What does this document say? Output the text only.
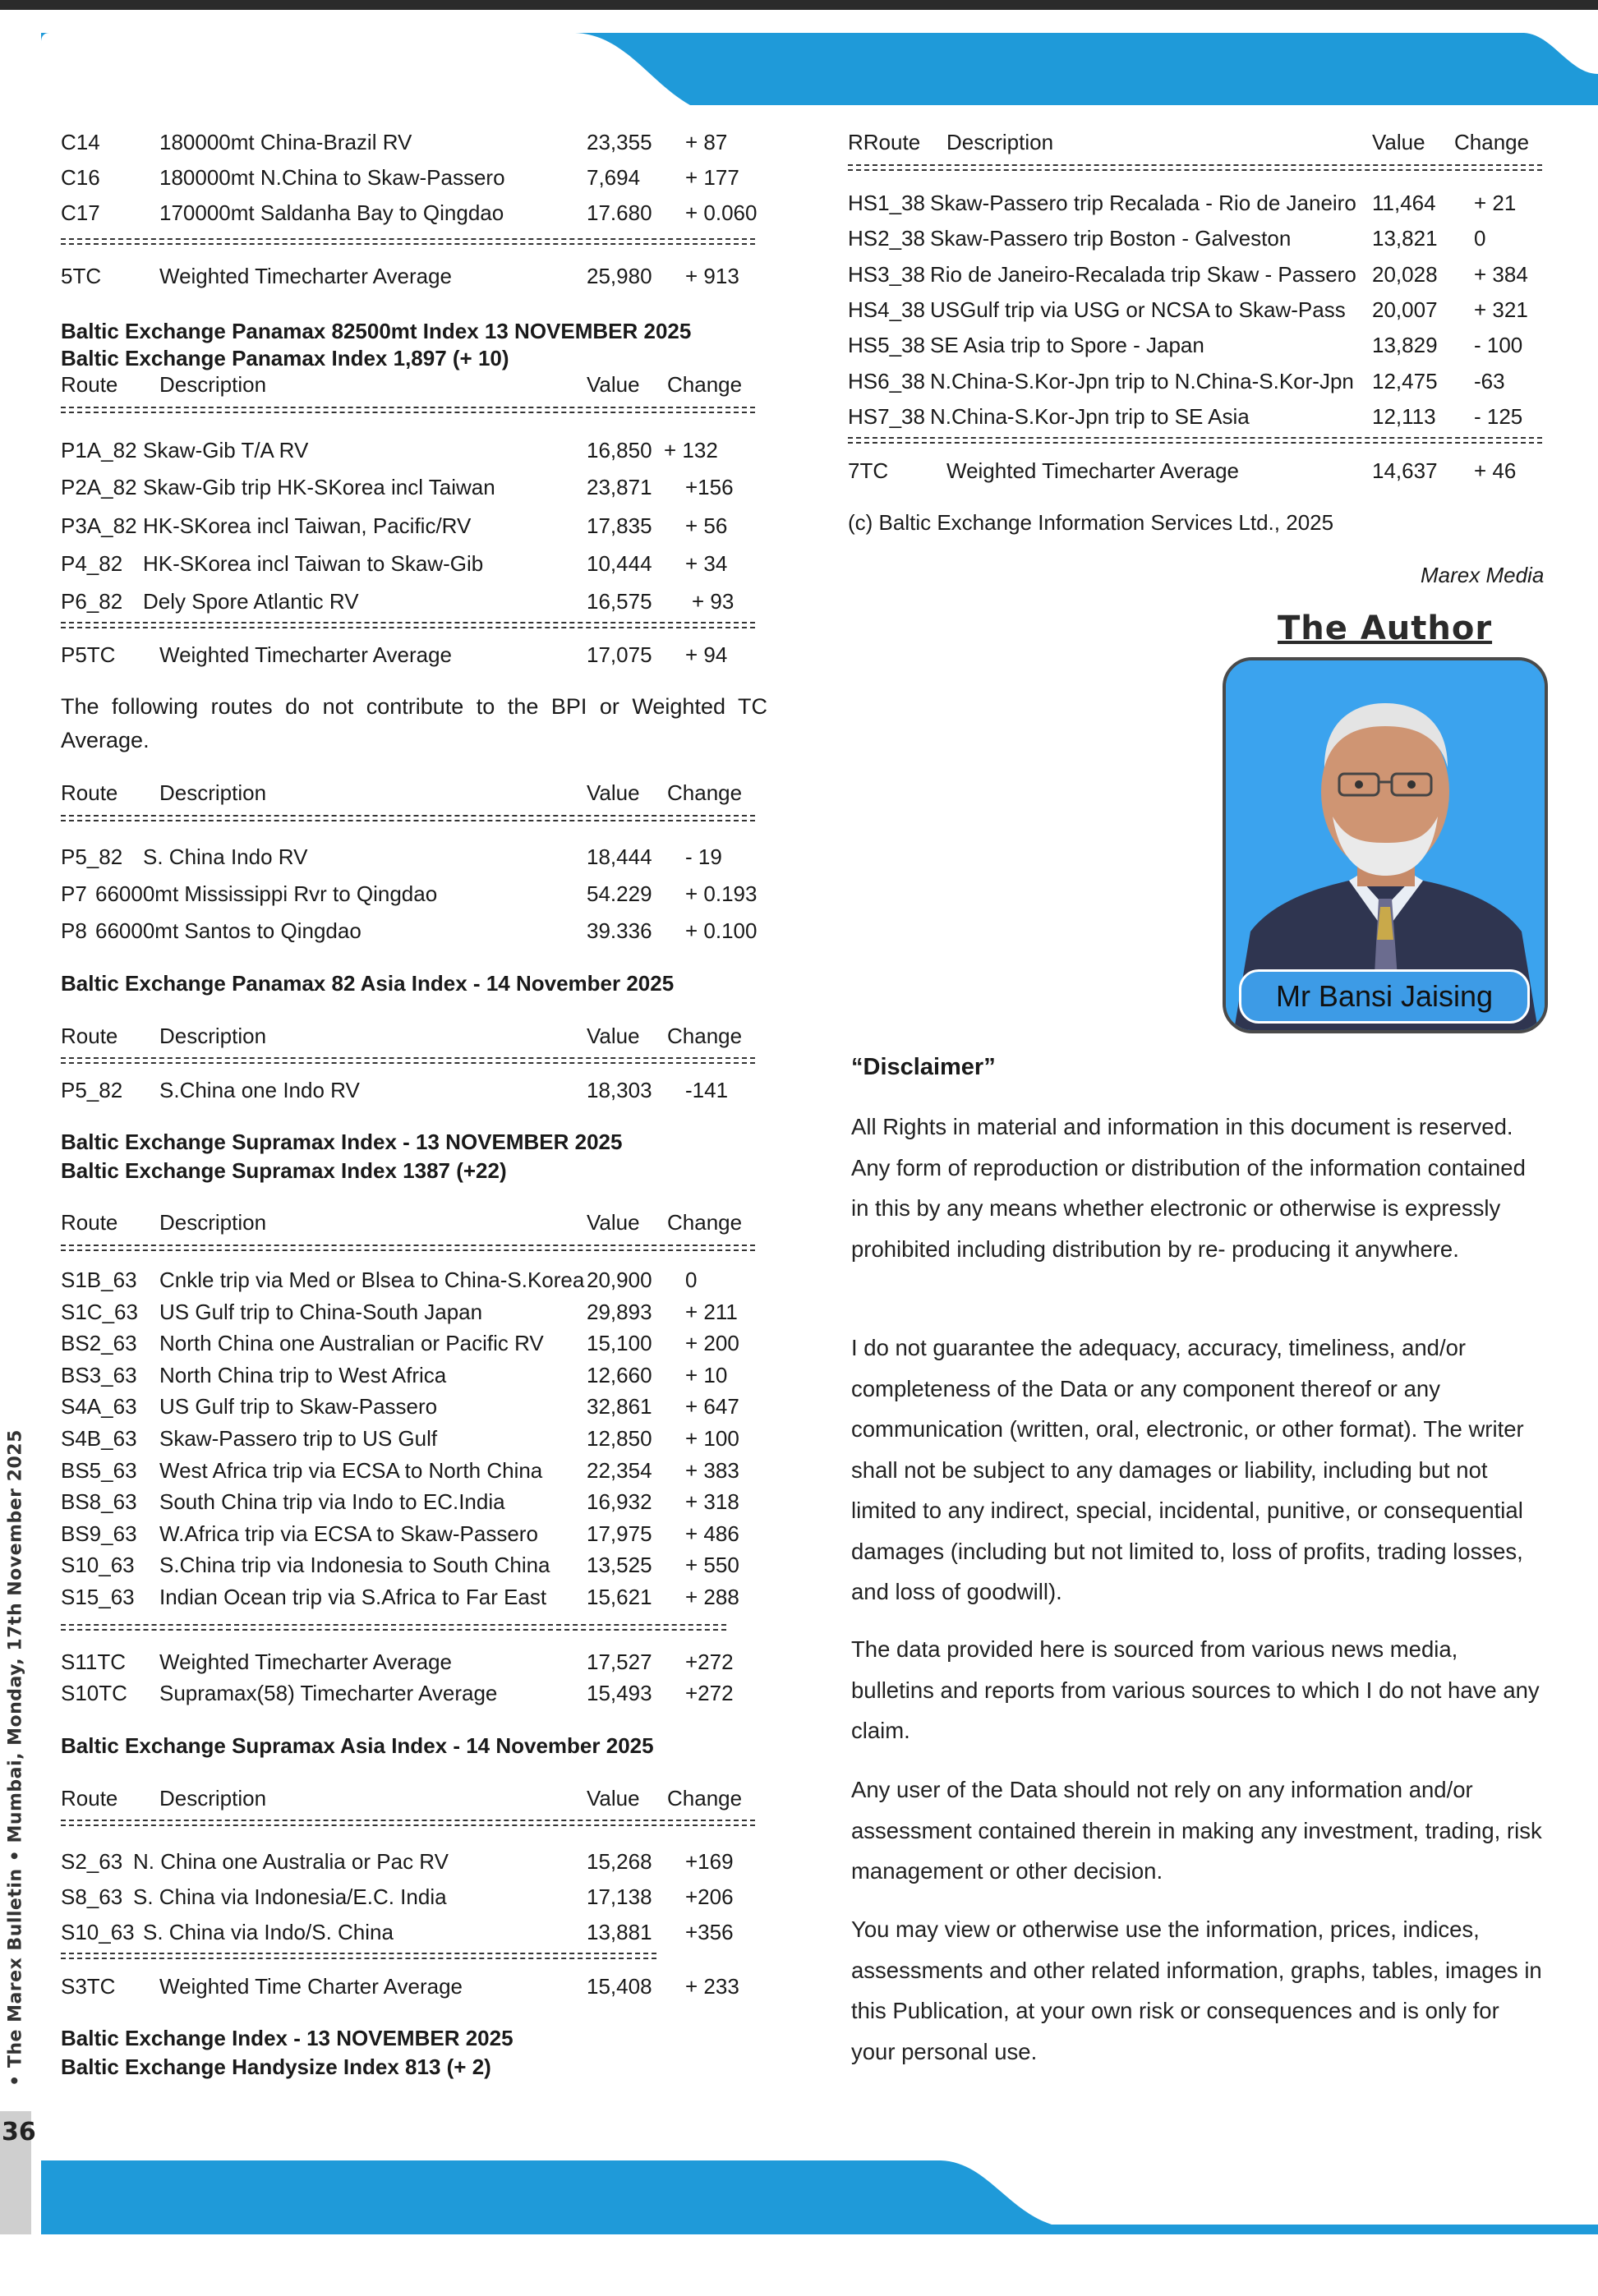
• The Marex Bulletin • Mumbai, Monday, 17th November 2025
36
C14	180000mt China-Brazil RV	23,355 + 87
C16	180000mt N.China to Skaw-Passero	7,694 + 177
C17	170000mt Saldanha Bay to Qingdao	17.680 + 0.060
5TC	Weighted Timecharter Average	25,980 + 913
Baltic Exchange Panamax 82500mt Index 13 NOVEMBER 2025
Baltic Exchange Panamax Index 1,897 (+ 10)
Route Description	Value Change
P1A_82 Skaw-Gib T/A RV	16,850 + 132
P2A_82 Skaw-Gib trip HK-SKorea incl Taiwan	23,871 +156
P3A_82 HK-SKorea incl Taiwan, Pacific/RV	17,835 + 56
P4_82 HK-SKorea incl Taiwan to Skaw-Gib	10,444 + 34
P6_82 Dely Spore Atlantic RV	16,575 + 93
P5TC Weighted Timecharter Average	17,075 + 94
The following routes do not contribute to the BPI or Weighted TC Average.
Route Description	Value Change
P5_82 S. China Indo RV	18,444 - 19
P7 66000mt Mississippi Rvr to Qingdao	54.229 + 0.193
P8 66000mt Santos to Qingdao	39.336 + 0.100
Baltic Exchange Panamax 82 Asia Index - 14 November 2025
Route Description	Value Change
P5_82 S.China one Indo RV	18,303 -141
Baltic Exchange Supramax Index - 13 NOVEMBER 2025
Baltic Exchange Supramax Index 1387 (+22)
Route Description	Value Change
S1B_63 Cnkle trip via Med or Blsea to China-S.Korea 20,900 0
S1C_63 US Gulf trip to China-South Japan	29,893 + 211
BS2_63 North China one Australian or Pacific RV 15,100 + 200
BS3_63 North China trip to West Africa	12,660 + 10
S4A_63 US Gulf trip to Skaw-Passero	32,861 + 647
S4B_63 Skaw-Passero trip to US Gulf	12,850 + 100
BS5_63 West Africa trip via ECSA to North China 22,354 + 383
BS8_63 South China trip via Indo to EC.India	16,932 + 318
BS9_63 W.Africa trip via ECSA to Skaw-Passero 17,975 + 486
S10_63 S.China trip via Indonesia to South China 13,525 + 550
S15_63 Indian Ocean trip via S.Africa to Far East 15,621 + 288
S11TC Weighted Timecharter Average	17,527 +272
S10TC Supramax(58) Timecharter Average	15,493 +272
Baltic Exchange Supramax Asia Index - 14 November 2025
Route Description	Value Change
S2_63 N. China one Australia or Pac RV	15,268 +169
S8_63 S. China via Indonesia/E.C. India	17,138 +206
S10_63 S. China via Indo/S. China	13,881 +356
S3TC Weighted Time Charter Average	15,408 + 233
Baltic Exchange Index - 13 NOVEMBER 2025
Baltic Exchange Handysize Index 813 (+ 2)
RRoute Description	Value Change
HS1_38 Skaw-Passero trip Recalada - Rio de Janeiro 11,464 + 21
HS2_38 Skaw-Passero trip Boston - Galveston	13,821 0
HS3_38 Rio de Janeiro-Recalada trip Skaw - Passero 20,028 + 384
HS4_38 USGulf trip via USG or NCSA to Skaw-Pass 20,007 + 321
HS5_38 SE Asia trip to Spore - Japan	13,829 - 100
HS6_38 N.China-S.Kor-Jpn trip to N.China-S.Kor-Jpn 12,475 -63
HS7_38 N.China-S.Kor-Jpn trip to SE Asia	12,113 - 125
7TC	Weighted Timecharter Average	14,637 + 46
(c) Baltic Exchange Information Services Ltd., 2025
Marex Media
The Author
Mr Bansi Jaising
“Disclaimer”
All Rights in material and information in this document is reserved. Any form of reproduction or distribution of the information contained in this by any means whether electronic or otherwise is expressly prohibited including distribution by re- producing it anywhere.
I do not guarantee the adequacy, accuracy, timeliness, and/or completeness of the Data or any component thereof or any communication (written, oral, electronic, or other format). The writer shall not be subject to any damages or liability, including but not limited to any indirect, special, incidental, punitive, or consequential damages (including but not limited to, loss of profits, trading losses, and loss of goodwill).
The data provided here is sourced from various news media, bulletins and reports from various sources to which I do not have any claim.
Any user of the Data should not rely on any information and/or assessment contained therein in making any investment, trading, risk management or other decision.
You may view or otherwise use the information, prices, indices, assessments and other related information, graphs, tables, images in this Publication, at your own risk or consequences and is only for your personal use.
